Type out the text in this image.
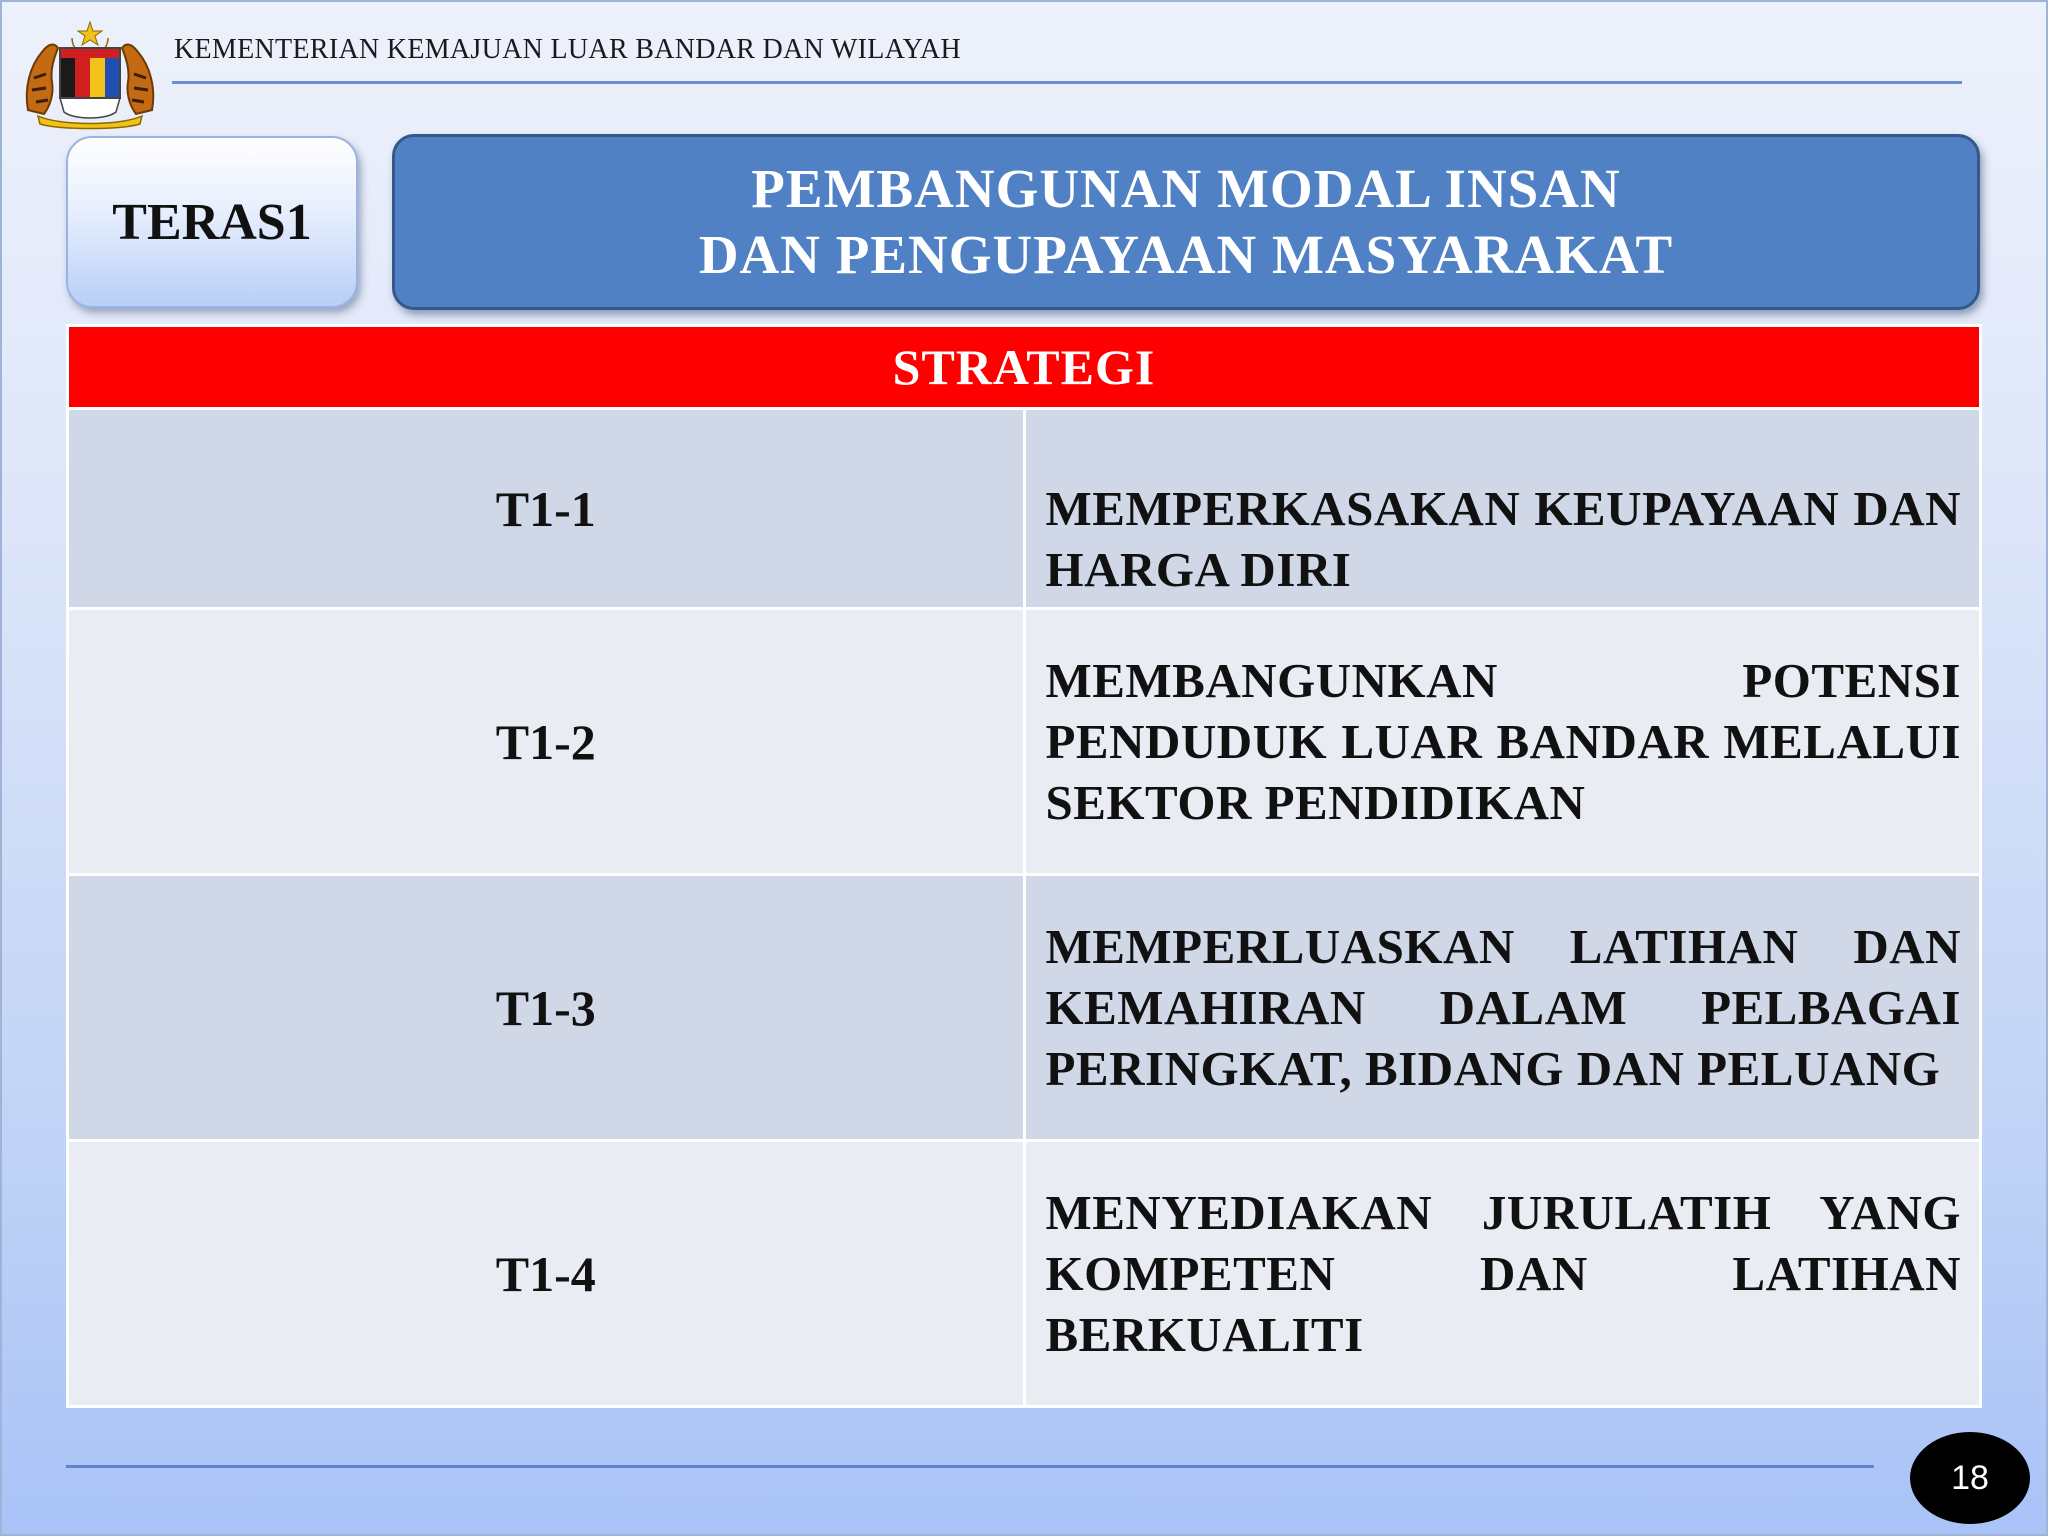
KEMENTERIAN KEMAJUAN LUAR BANDAR DAN WILAYAH
TERAS1
PEMBANGUNAN MODAL INSAN
DAN PENGUPAYAAN MASYARAKAT
STRATEGI	
T1-1	MEMPERKASAKAN KEUPAYAAN DAN HARGA DIRI
T1-2	MEMBANGUNKAN POTENSI PENDUDUK LUAR BANDAR MELALUI SEKTOR PENDIDIKAN
T1-3	MEMPERLUASKAN LATIHAN DAN KEMAHIRAN DALAM PELBAGAI PERINGKAT, BIDANG DAN PELUANG
T1-4	MENYEDIAKAN JURULATIH YANG KOMPETEN DAN LATIHAN BERKUALITI
18
